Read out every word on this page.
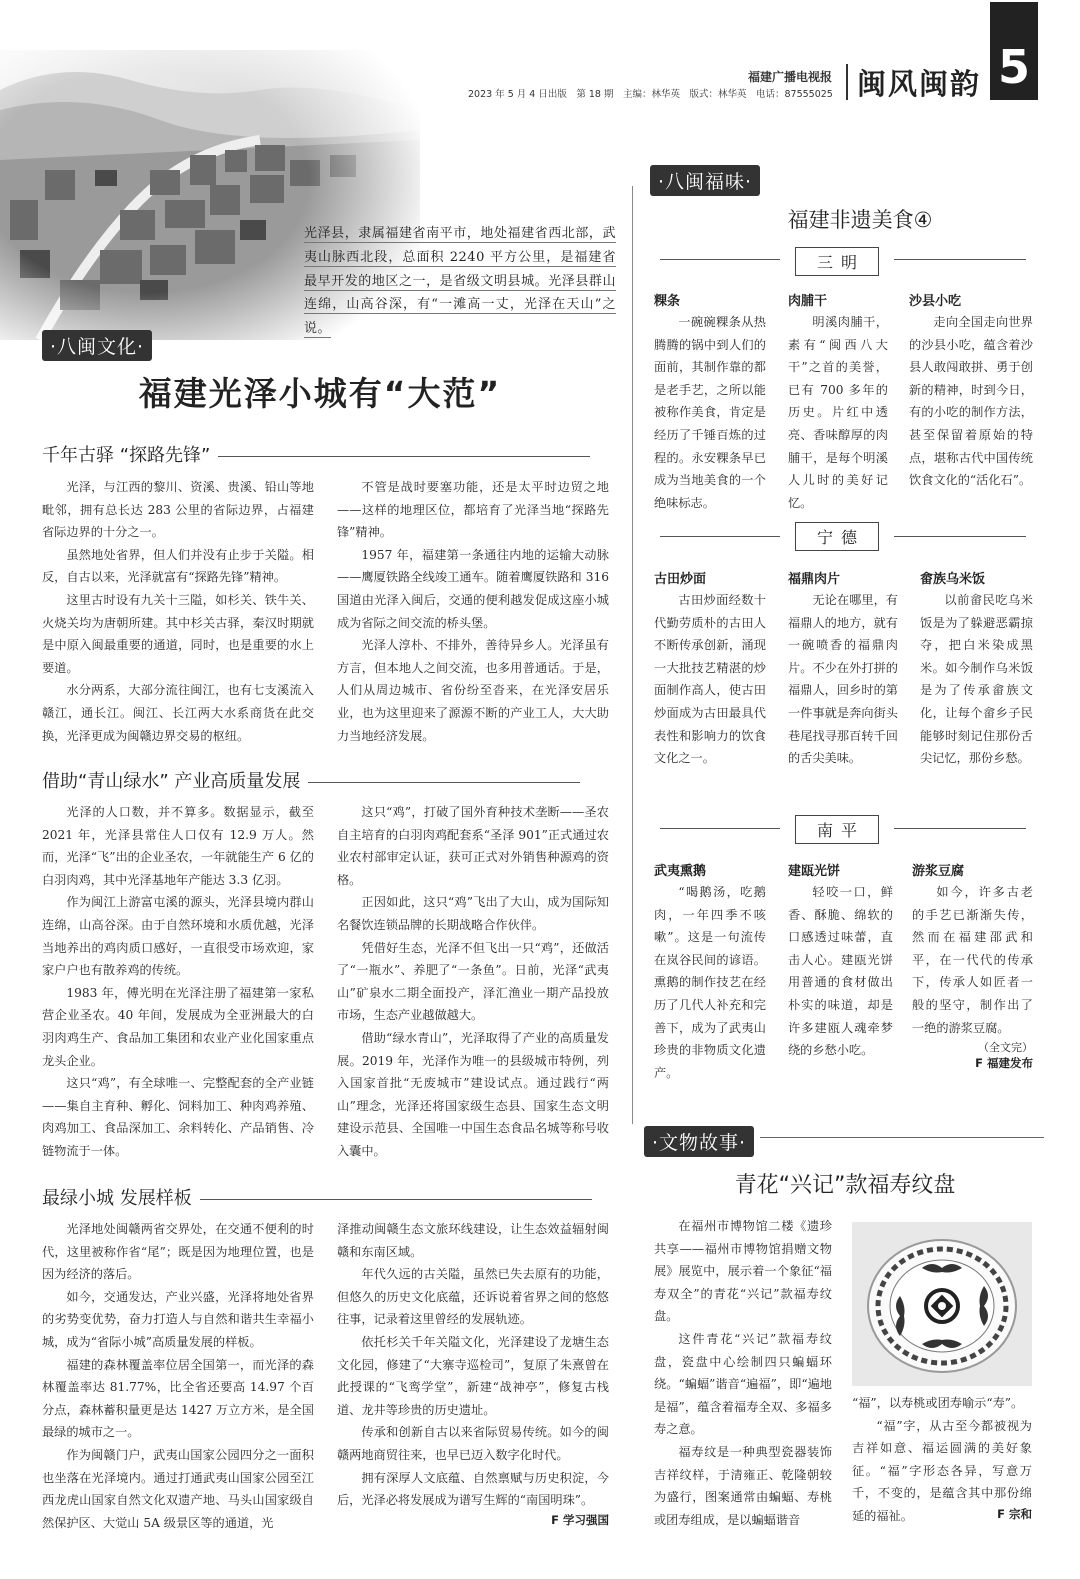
福建广播电视报
2023 年 5 月 4 日出版　第 18 期　主编：林华英　版式：林华英　电话：87555025 闽风闽韵 5
光泽县，隶属福建省南平市，地处福建省西北部，武夷山脉西北段，总面积 2240 平方公里，是福建省最早开发的地区之一，是省级文明县城。光泽县群山连绵，山高谷深，有“一滩高一丈，光泽在天山”之说。
·八闽文化·
福建光泽小城有“大范”
千年古驿 “探路先锋”

光泽，与江西的黎川、资溪、贵溪、铅山等地毗邻，拥有总长达 283 公里的省际边界，占福建省际边界的十分之一。

虽然地处省界，但人们并没有止步于关隘。相反，自古以来，光泽就富有“探路先锋”精神。

这里古时设有九关十三隘，如杉关、铁牛关、火烧关均为唐朝所建。其中杉关古驿，秦汉时期就是中原入闽最重要的通道，同时，也是重要的水上要道。

水分两系，大部分流往闽江，也有七支溪流入赣江，通长江。闽江、长江两大水系商货在此交换，光泽更成为闽赣边界交易的枢纽。

不管是战时要塞功能，还是太平时边贸之地——这样的地理区位，都培育了光泽当地“探路先锋”精神。

1957 年，福建第一条通往内地的运输大动脉——鹰厦铁路全线竣工通车。随着鹰厦铁路和 316 国道由光泽入闽后，交通的便利越发促成这座小城成为省际之间交流的桥头堡。

光泽人淳朴、不排外，善待异乡人。光泽虽有方言，但本地人之间交流，也多用普通话。于是，人们从周边城市、省份纷至沓来，在光泽安居乐业，也为这里迎来了源源不断的产业工人，大大助力当地经济发展。

借助“青山绿水” 产业高质量发展

光泽的人口数，并不算多。数据显示，截至 2021 年，光泽县常住人口仅有 12.9 万人。然而，光泽“飞”出的企业圣农，一年就能生产 6 亿的白羽肉鸡，其中光泽基地年产能达 3.3 亿羽。

作为闽江上游富屯溪的源头，光泽县境内群山连绵，山高谷深。由于自然环境和水质优越，光泽当地养出的鸡肉质口感好，一直很受市场欢迎，家家户户也有散养鸡的传统。

1983 年，傅光明在光泽注册了福建第一家私营企业圣农。40 年间，发展成为全亚洲最大的白羽肉鸡生产、食品加工集团和农业产业化国家重点龙头企业。

这只“鸡”，有全球唯一、完整配套的全产业链——集自主育种、孵化、饲料加工、种肉鸡养殖、肉鸡加工、食品深加工、余料转化、产品销售、冷链物流于一体。

这只“鸡”，打破了国外育种技术垄断——圣农自主培育的白羽肉鸡配套系“圣泽 901”正式通过农业农村部审定认证，获可正式对外销售种源鸡的资格。

正因如此，这只“鸡”飞出了大山，成为国际知名餐饮连锁品牌的长期战略合作伙伴。

凭借好生态，光泽不但飞出一只“鸡”，还做活了“一瓶水”、养肥了“一条鱼”。日前，光泽“武夷山”矿泉水二期全面投产，泽汇渔业一期产品投放市场，生态产业越做越大。

借助“绿水青山”，光泽取得了产业的高质量发展。2019 年，光泽作为唯一的县级城市特例，列入国家首批“无废城市”建设试点。通过践行“两山”理念，光泽还将国家级生态县、国家生态文明建设示范县、全国唯一中国生态食品名城等称号收入囊中。

最绿小城 发展样板

光泽地处闽赣两省交界处，在交通不便利的时代，这里被称作省“尾”；既是因为地理位置，也是因为经济的落后。

如今，交通发达，产业兴盛，光泽将地处省界的劣势变优势，奋力打造人与自然和谐共生幸福小城，成为“省际小城”高质量发展的样板。

福建的森林覆盖率位居全国第一，而光泽的森林覆盖率达 81.77%，比全省还要高 14.97 个百分点，森林蓄积量更是达 1427 万立方米，是全国最绿的城市之一。

作为闽赣门户，武夷山国家公园四分之一面积也坐落在光泽境内。通过打通武夷山国家公园至江西龙虎山国家自然文化双遗产地、马头山国家级自然保护区、大觉山 5A 级景区等的通道，光

泽推动闽赣生态文旅环线建设，让生态效益辐射闽赣和东南区域。

年代久远的古关隘，虽然已失去原有的功能，但悠久的历史文化底蕴，还诉说着省界之间的悠悠往事，记录着这里曾经的发展轨迹。

依托杉关千年关隘文化，光泽建设了龙塘生态文化园，修建了“大寨寺巡检司”，复原了朱熹曾在此授课的“飞鸾学堂”，新建“战神亭”，修复古栈道、龙井等珍贵的历史遗址。

传承和创新自古以来省际贸易传统。如今的闽赣两地商贸往来，也早已迈入数字化时代。

拥有深厚人文底蕴、自然禀赋与历史积淀，今后，光泽必将发展成为谱写生辉的“南国明珠”。

F 学习强国
·八闽福味·
福建非遗美食④
三明
粿条

一碗碗粿条从热腾腾的锅中到人们的面前，其制作靠的都是老手艺，之所以能被称作美食，肯定是经历了千锤百炼的过程的。永安粿条早已成为当地美食的一个绝味标志。

肉脯干

明溪肉脯干，素有“闽西八大干”之首的美誉，已有 700 多年的历史。片红中透亮、香味醇厚的肉脯干，是每个明溪人儿时的美好记忆。

沙县小吃

走向全国走向世界的沙县小吃，蕴含着沙县人敢闯敢拼、勇于创新的精神，时到今日，有的小吃的制作方法，甚至保留着原始的特点，堪称古代中国传统饮食文化的“活化石”。

宁德
古田炒面

古田炒面经数十代勤劳质朴的古田人不断传承创新，涌现一大批技艺精湛的炒面制作高人，使古田炒面成为古田最具代表性和影响力的饮食文化之一。

福鼎肉片

无论在哪里，有福鼎人的地方，就有一碗喷香的福鼎肉片。不少在外打拼的福鼎人，回乡时的第一件事就是奔向街头巷尾找寻那百转千回的舌尖美味。

畲族乌米饭

以前畲民吃乌米饭是为了躲避恶霸掠夺，把白米染成黑米。如今制作乌米饭是为了传承畲族文化，让每个畲乡子民能够时刻记住那份舌尖记忆，那份乡愁。

南平
武夷熏鹅

“喝鹅汤，吃鹅肉，一年四季不咳嗽”。这是一句流传在岚谷民间的谚语。熏鹅的制作技艺在经历了几代人补充和完善下，成为了武夷山珍贵的非物质文化遗产。

建瓯光饼

轻咬一口，鲜香、酥脆、绵软的口感透过味蕾，直击人心。建瓯光饼用普通的食材做出朴实的味道，却是许多建瓯人魂牵梦绕的乡愁小吃。

游浆豆腐

如今，许多古老的手艺已渐渐失传，然而在福建邵武和平，在一代代的传承下，传承人如匠者一般的坚守，制作出了一绝的游浆豆腐。

（全文完）
F 福建发布
·文物故事·
青花“兴记”款福寿纹盘

在福州市博物馆二楼《遗珍共享——福州市博物馆捐赠文物展》展览中，展示着一个象征“福寿双全”的青花“兴记”款福寿纹盘。

这件青花“兴记”款福寿纹盘，瓷盘中心绘制四只蝙蝠环绕。“蝙蝠”谐音“遍福”，即“遍地是福”，蕴含着福寿全双、多福多寿之意。

福寿纹是一种典型瓷器装饰吉祥纹样，于清雍正、乾隆朝较为盛行，图案通常由蝙蝠、寿桃或团寿组成，是以蝙蝠谐音

“福”，以寿桃或团寿喻示“寿”。

“福”字，从古至今都被视为吉祥如意、福运圆满的美好象征。“福”字形态各异，写意万千，不变的，是蕴含其中那份绵延的福祉。	F 宗和
